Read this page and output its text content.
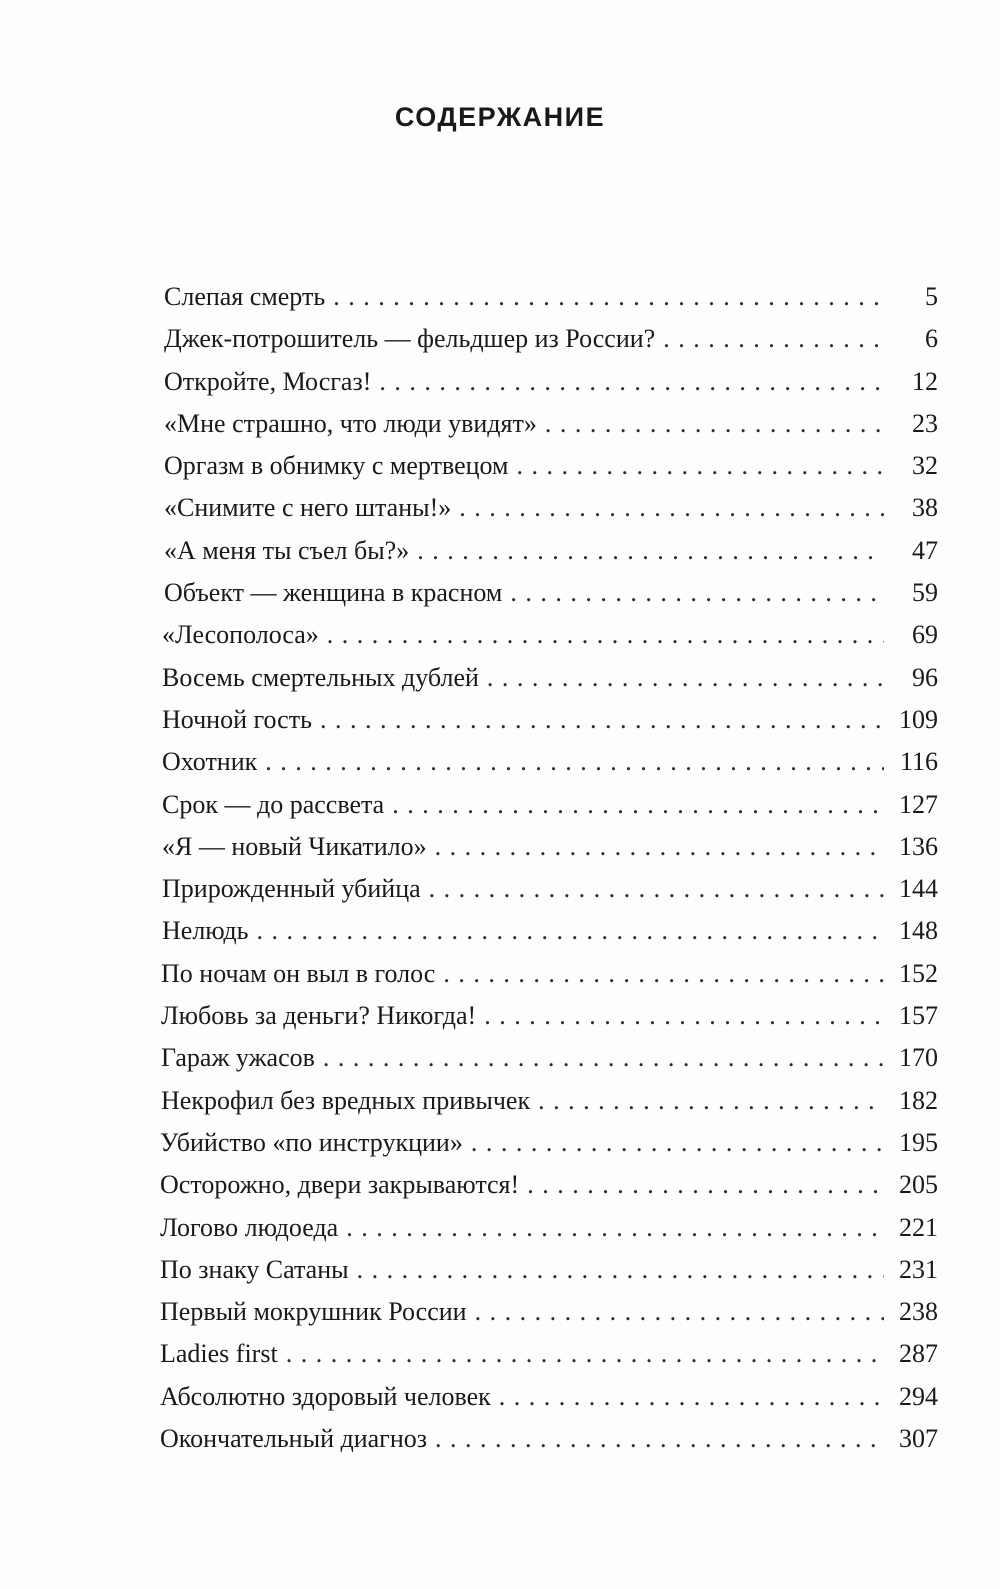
СОДЕРЖАНИЕ
Слепая смерть . . .	5
Джек-потрошитель — фельдшер из России? . . .	6
Откройте, Мосгаз! . . .	12
«Мне страшно, что люди увидят» . . .	23
Оргазм в обнимку с мертвецом . . .	32
«Снимите с него штаны!» . . .	38
«А меня ты съел бы?» . . .	47
Объект — женщина в красном . . .	59
«Лесополоса» . . .	69
Восемь смертельных дублей . . .	96
Ночной гость . . .	109
Охотник . . .	116
Срок — до рассвета . . .	127
«Я — новый Чикатило» . . .	136
Прирожденный убийца . . .	144
Нелюдь . . .	148
По ночам он выл в голос . . .	152
Любовь за деньги? Никогда! . . .	157
Гараж ужасов . . .	170
Некрофил без вредных привычек . . .	182
Убийство «по инструкции» . . .	195
Осторожно, двери закрываются! . . .	205
Логово людоеда . . .	221
По знаку Сатаны . . .	231
Первый мокрушник России . . .	238
Ladies first . . .	287
Абсолютно здоровый человек . . .	294
Окончательный диагноз . . .	307
